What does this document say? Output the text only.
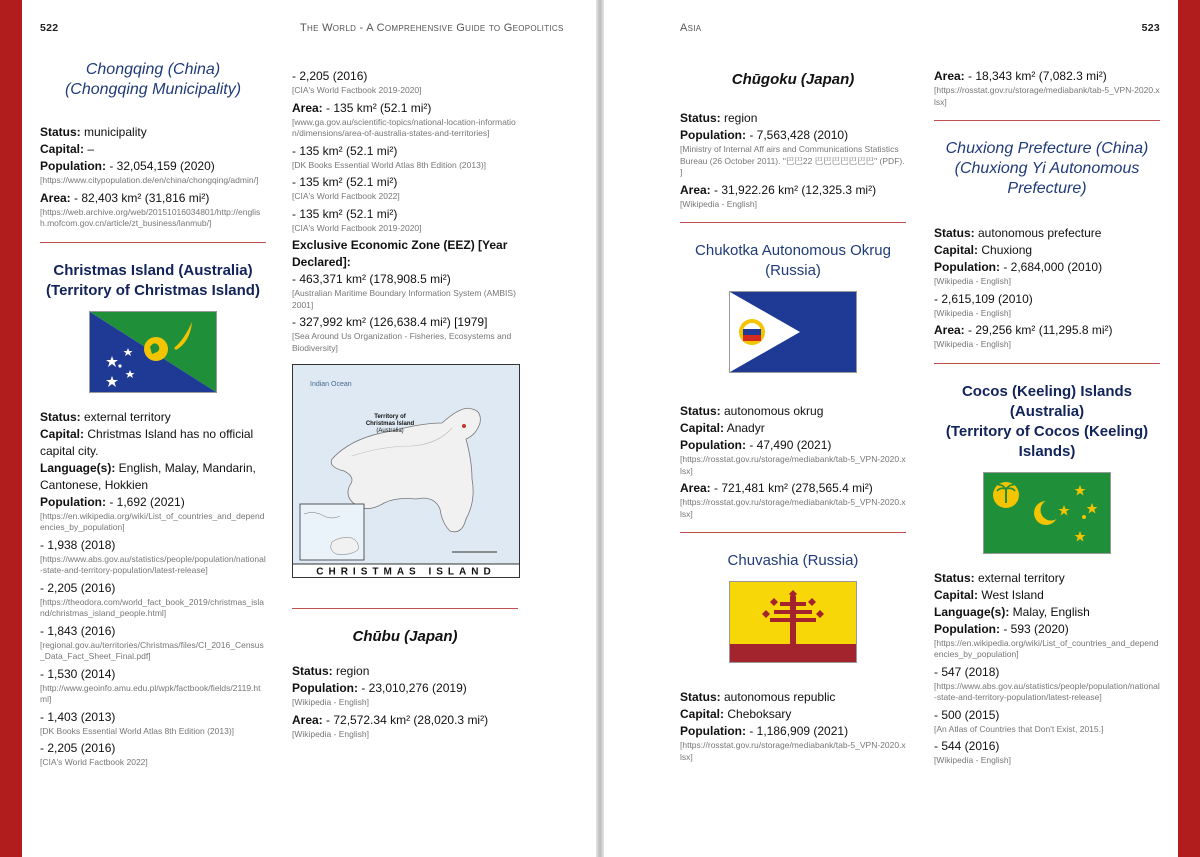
522	The World - A Comprehensive Guide to Geopolitics
Chongqing (China)
(Chongqing Municipality)
Status: municipality
Capital: –
Population: - 32,054,159 (2020)
[https://www.citypopulation.de/en/china/chongqing/admin/]
Area: - 82,403 km² (31,816 mi²)
[https://web.archive.org/web/20151016034801/http://english.mofcom.gov.cn/article/zt_business/lanmub/]
Christmas Island (Australia)
(Territory of Christmas Island)
Status: external territory
Capital: Christmas Island has no official capital city.
Language(s): English, Malay, Mandarin, Cantonese, Hokkien
Population: - 1,692 (2021)
[https://en.wikipedia.org/wiki/List_of_countries_and_dependencies_by_population]
- 1,938 (2018)
[https://www.abs.gov.au/statistics/people/population/national-state-and-territory-population/latest-release]
- 2,205 (2016)
[https://theodora.com/world_fact_book_2019/christmas_island/christmas_island_people.html]
- 1,843 (2016)
[regional.gov.au/territories/Christmas/files/CI_2016_Census_Data_Fact_Sheet_Final.pdf]
- 1,530 (2014)
[http://www.geoinfo.amu.edu.pl/wpk/factbook/fields/2119.html]
- 1,403 (2013)
[DK Books Essential World Atlas 8th Edition (2013)]
- 2,205 (2016)
[CIA's World Factbook 2022]
- 2,205 (2016)
[CIA's World Factbook 2019-2020]
Area: - 135 km² (52.1 mi²)
[www.ga.gov.au/scientific-topics/national-location-information/dimensions/area-of-australia-states-and-territories]
- 135 km² (52.1 mi²)
[DK Books Essential World Atlas 8th Edition (2013)]
- 135 km² (52.1 mi²)
[CIA's World Factbook 2022]
- 135 km² (52.1 mi²)
[CIA's World Factbook 2019-2020]
Exclusive Economic Zone (EEZ) [Year Declared]:
- 463,371 km² (178,908.5 mi²)
[Australian Maritime Boundary Information System (AMBIS) 2001]
- 327,992 km² (126,638.4 mi²) [1979]
[Sea Around Us Organization - Fisheries, Ecosystems and Biodiversity]
CHRISTMAS ISLAND
Indian Ocean
Territory of
Christmas Island
(Australia)
Chūbu (Japan)
Status: region
Population: - 23,010,276 (2019)
[Wikipedia - English]
Area: - 72,572.34 km² (28,020.3 mi²)
[Wikipedia - English]
Asia	523
Chūgoku (Japan)
Status: region
Population: - 7,563,428 (2010)
[Ministry of Internal Aff airs and Communications Statistics Bureau (26 October 2011). "巴巴22 巴巴巴巴巴巴巴" (PDF). ]
Area: - 31,922.26 km² (12,325.3 mi²)
[Wikipedia - English]
Chukotka Autonomous Okrug
(Russia)
Status: autonomous okrug
Capital: Anadyr
Population: - 47,490 (2021)
[https://rosstat.gov.ru/storage/mediabank/tab-5_VPN-2020.xlsx]
Area: - 721,481 km² (278,565.4 mi²)
[https://rosstat.gov.ru/storage/mediabank/tab-5_VPN-2020.xlsx]
Chuvashia (Russia)
Status: autonomous republic
Capital: Cheboksary
Population: - 1,186,909 (2021)
[https://rosstat.gov.ru/storage/mediabank/tab-5_VPN-2020.xlsx]
Area: - 18,343 km² (7,082.3 mi²)
[https://rosstat.gov.ru/storage/mediabank/tab-5_VPN-2020.xlsx]
Chuxiong Prefecture (China)
(Chuxiong Yi Autonomous
Prefecture)
Status: autonomous prefecture
Capital: Chuxiong
Population: - 2,684,000 (2010)
[Wikipedia - English]
- 2,615,109 (2010)
[Wikipedia - English]
Area: - 29,256 km² (11,295.8 mi²)
[Wikipedia - English]
Cocos (Keeling) Islands
(Australia)
(Territory of Cocos (Keeling)
Islands)
Status: external territory
Capital: West Island
Language(s): Malay, English
Population: - 593 (2020)
[https://en.wikipedia.org/wiki/List_of_countries_and_dependencies_by_population]
- 547 (2018)
[https://www.abs.gov.au/statistics/people/population/national-state-and-territory-population/latest-release]
- 500 (2015)
[An Atlas of Countries that Don't Exist, 2015.]
- 544 (2016)
[Wikipedia - English]
